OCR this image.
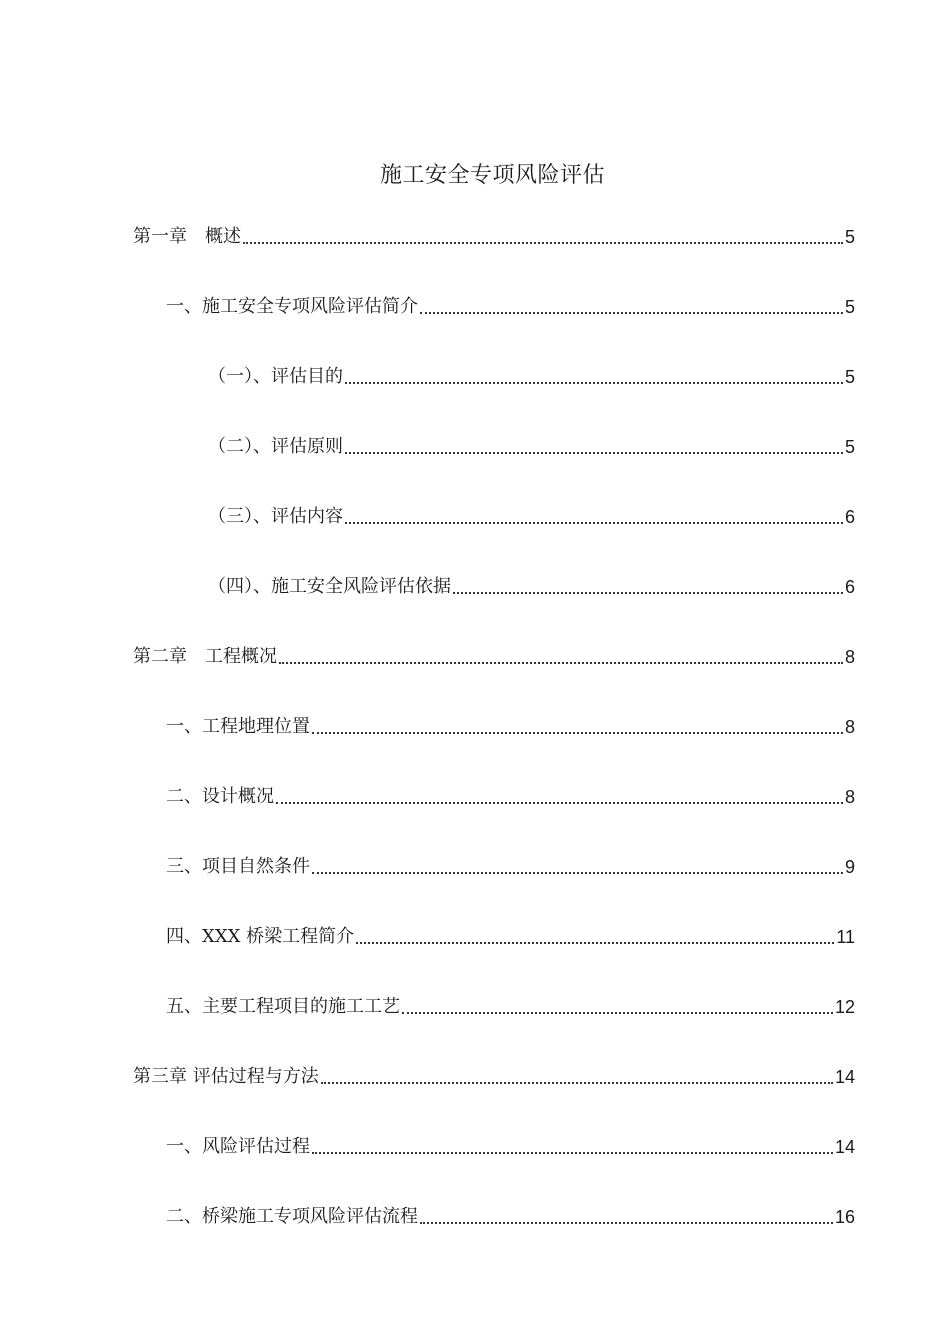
施工安全专项风险评估
第一章　概述	5
一、施工安全专项风险评估简介	5
（一）、评估目的	5
（二）、评估原则	5
（三）、评估内容	6
（四）、施工安全风险评估依据	6
第二章　工程概况	8
一、工程地理位置	8
二、设计概况	8
三、项目自然条件	9
四、XXX 桥梁工程简介	11
五、主要工程项目的施工工艺	12
第三章 评估过程与方法	14
一、风险评估过程	14
二、桥梁施工专项风险评估流程	16
